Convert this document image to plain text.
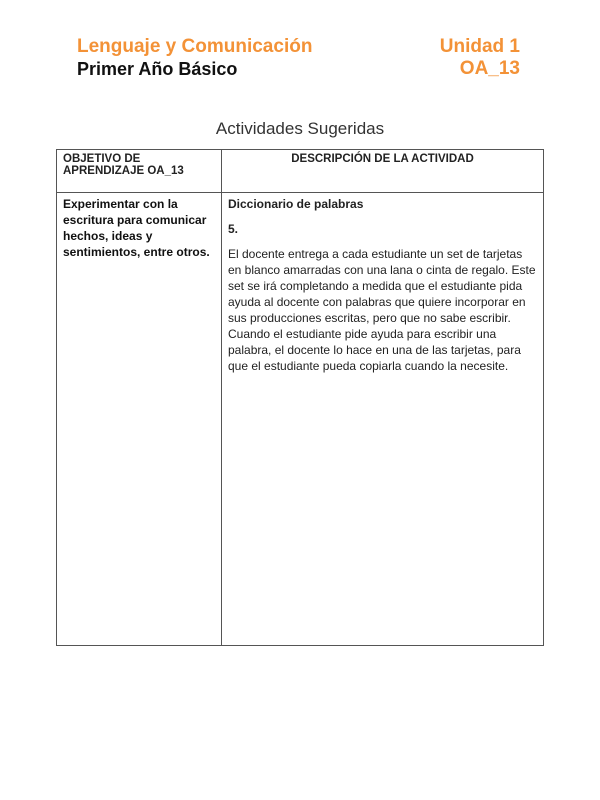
Lenguaje y Comunicación
Primer Año Básico
Unidad 1
OA_13
Actividades Sugeridas
OBJETIVO DE APRENDIZAJE OA_13	DESCRIPCIÓN DE LA ACTIVIDAD
Experimentar con la escritura para comunicar hechos, ideas y sentimientos, entre otros.	Diccionario de palabras
5.
El docente entrega a cada estudiante un set de tarjetas en blanco amarradas con una lana o cinta de regalo. Este set se irá completando a medida que el estudiante pida ayuda al docente con palabras que quiere incorporar en sus producciones escritas, pero que no sabe escribir. Cuando el estudiante pide ayuda para escribir una palabra, el docente lo hace en una de las tarjetas, para que el estudiante pueda copiarla cuando la necesite.
